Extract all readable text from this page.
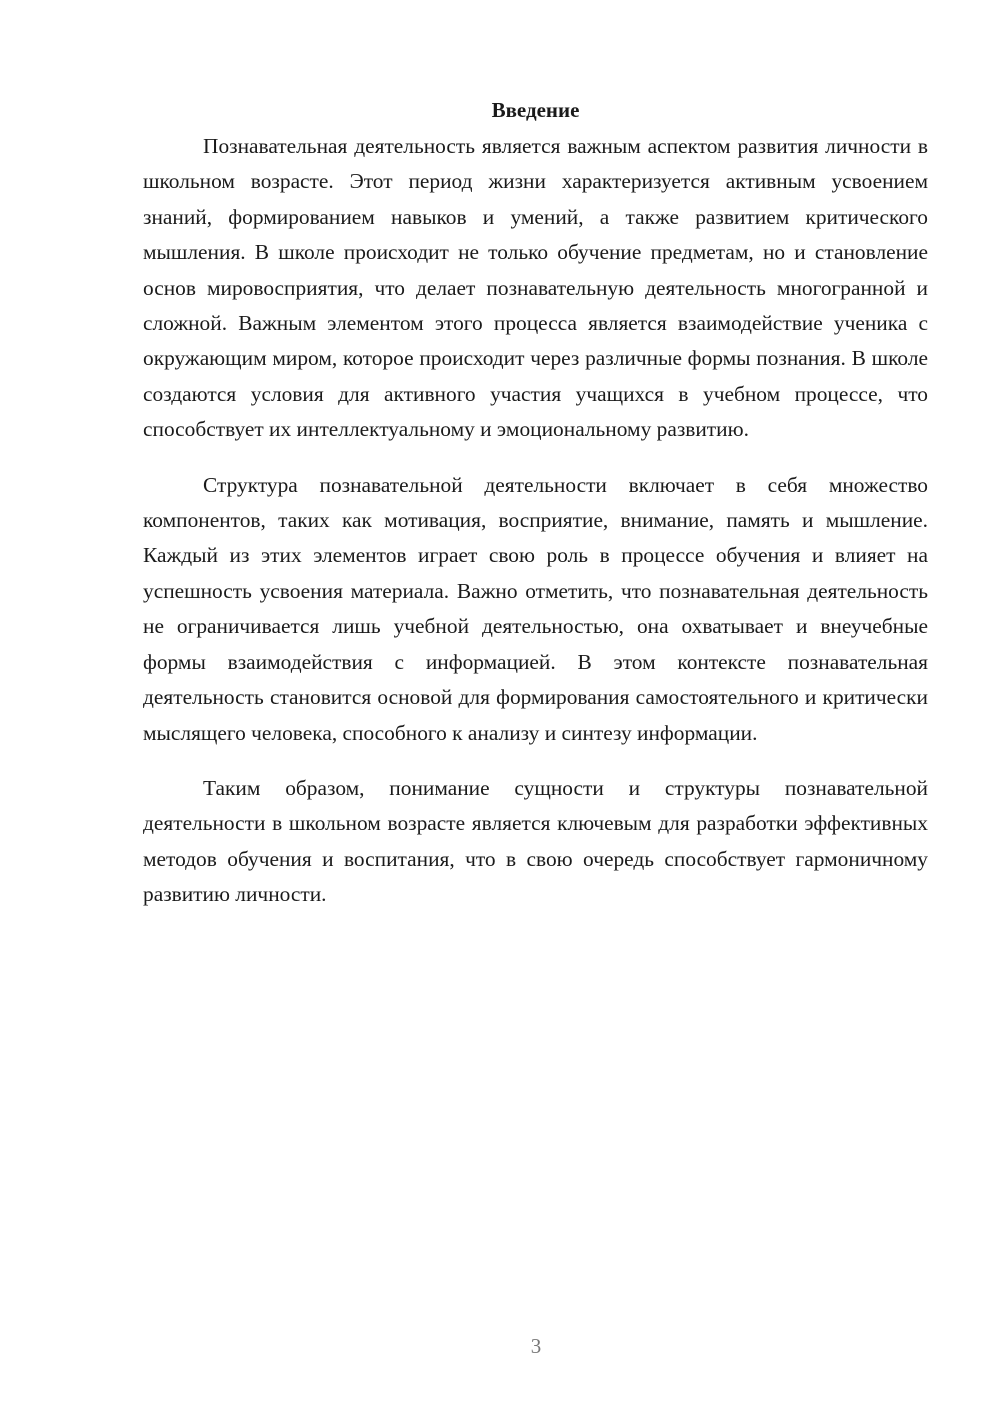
Введение

Познавательная деятельность является важным аспектом развития личности в школьном возрасте. Этот период жизни характеризуется активным усвоением знаний, формированием навыков и умений, а также развитием критического мышления. В школе происходит не только обучение предметам, но и становление основ мировосприятия, что делает познавательную деятельность многогранной и сложной. Важным элементом этого процесса является взаимодействие ученика с окружающим миром, которое происходит через различные формы познания. В школе создаются условия для активного участия учащихся в учебном процессе, что способствует их интеллектуальному и эмоциональному развитию.

Структура познавательной деятельности включает в себя множество компонентов, таких как мотивация, восприятие, внимание, память и мышление. Каждый из этих элементов играет свою роль в процессе обучения и влияет на успешность усвоения материала. Важно отметить, что познавательная деятельность не ограничивается лишь учебной деятельностью, она охватывает и внеучебные формы взаимодействия с информацией. В этом контексте познавательная деятельность становится основой для формирования самостоятельного и критически мыслящего человека, способного к анализу и синтезу информации.

Таким образом, понимание сущности и структуры познавательной деятельности в школьном возрасте является ключевым для разработки эффективных методов обучения и воспитания, что в свою очередь способствует гармоничному развитию личности.

3
